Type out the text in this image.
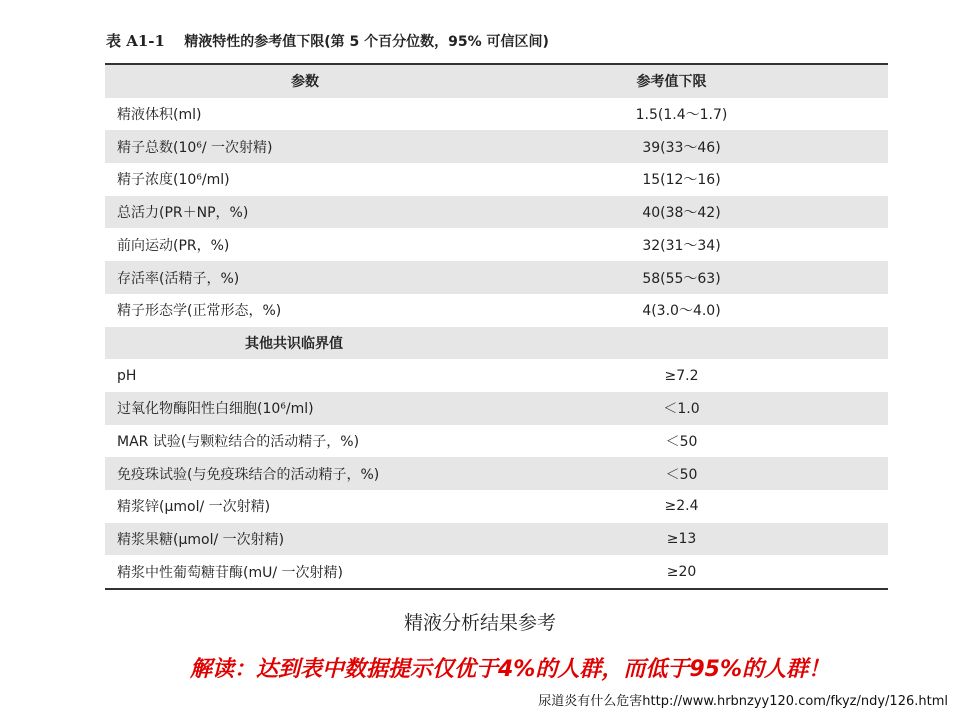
表 A1-1 精液特性的参考值下限(第 5 个百分位数，95% 可信区间)
参数	参考值下限
精液体积(ml)	1.5(1.4～1.7)
精子总数(10⁶/ 一次射精)	39(33～46)
精子浓度(10⁶/ml)	15(12～16)
总活力(PR＋NP，%)	40(38～42)
前向运动(PR，%)	32(31～34)
存活率(活精子，%)	58(55～63)
精子形态学(正常形态，%)	4(3.0～4.0)
其他共识临界值
pH	≥7.2
过氧化物酶阳性白细胞(10⁶/ml)	＜1.0
MAR 试验(与颗粒结合的活动精子，%)	＜50
免疫珠试验(与免疫珠结合的活动精子，%)	＜50
精浆锌(μmol/ 一次射精)	≥2.4
精浆果糖(μmol/ 一次射精)	≥13
精浆中性葡萄糖苷酶(mU/ 一次射精)	≥20
精液分析结果参考
解读：达到表中数据提示仅优于4%的人群，而低于95%的人群！
尿道炎有什么危害http://www.hrbnzyy120.com/fkyz/ndy/126.html
